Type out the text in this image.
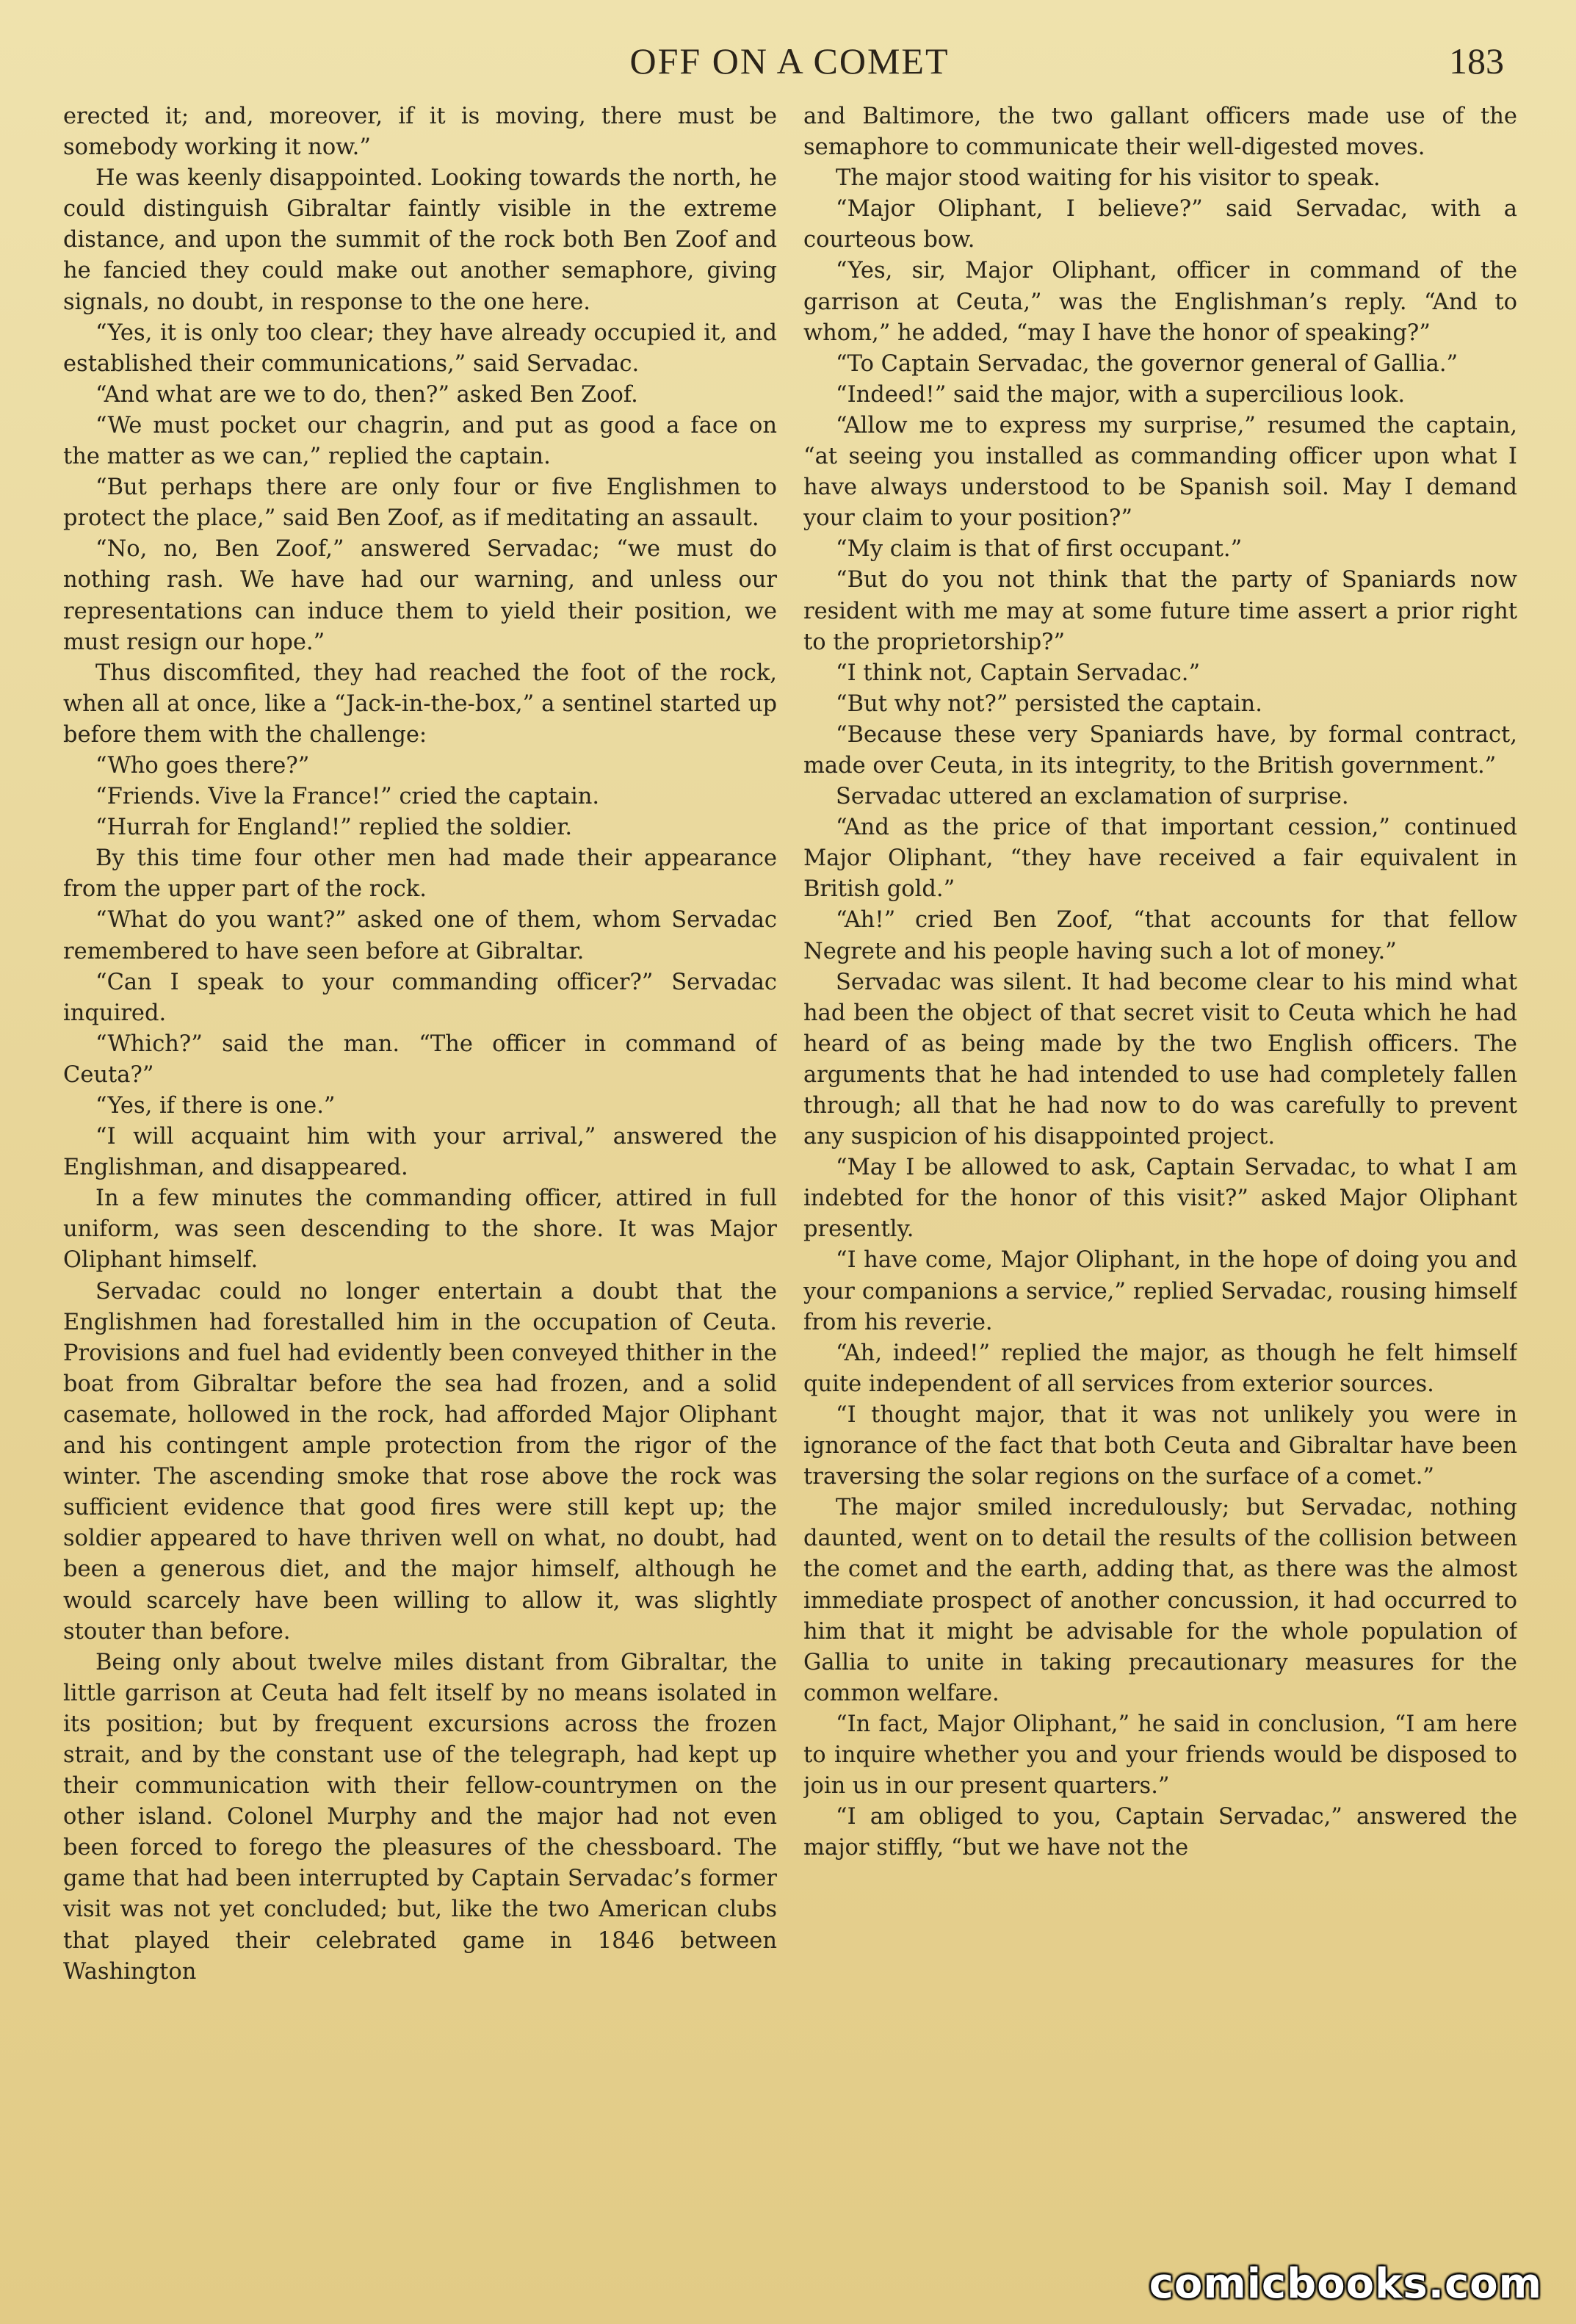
OFF ON A COMET	183

erected it; and, moreover, if it is moving, there must be somebody working it now.”

He was keenly disappointed. Looking towards the north, he could distinguish Gibraltar faintly visible in the extreme distance, and upon the summit of the rock both Ben Zoof and he fancied they could make out another semaphore, giving signals, no doubt, in response to the one here.

“Yes, it is only too clear; they have already occupied it, and established their communications,” said Servadac.

“And what are we to do, then?” asked Ben Zoof.

“We must pocket our chagrin, and put as good a face on the matter as we can,” replied the captain.

“But perhaps there are only four or five Englishmen to protect the place,” said Ben Zoof, as if meditating an assault.

“No, no, Ben Zoof,” answered Servadac; “we must do nothing rash. We have had our warning, and unless our representations can induce them to yield their position, we must resign our hope.”

Thus discomfited, they had reached the foot of the rock, when all at once, like a “Jack-in-the-box,” a sentinel started up before them with the challenge:

“Who goes there?”

“Friends. Vive la France!” cried the captain.

“Hurrah for England!” replied the soldier.

By this time four other men had made their appearance from the upper part of the rock.

“What do you want?” asked one of them, whom Servadac remembered to have seen before at Gibraltar.

“Can I speak to your commanding officer?” Servadac inquired.

“Which?” said the man. “The officer in command of Ceuta?”

“Yes, if there is one.”

“I will acquaint him with your arrival,” answered the Englishman, and disappeared.

In a few minutes the commanding officer, attired in full uniform, was seen descending to the shore. It was Major Oliphant himself.

Servadac could no longer entertain a doubt that the Englishmen had forestalled him in the occupation of Ceuta. Provisions and fuel had evidently been conveyed thither in the boat from Gibraltar before the sea had frozen, and a solid casemate, hollowed in the rock, had afforded Major Oliphant and his contingent ample protection from the rigor of the winter. The ascending smoke that rose above the rock was sufficient evidence that good fires were still kept up; the soldier appeared to have thriven well on what, no doubt, had been a generous diet, and the major himself, although he would scarcely have been willing to allow it, was slightly stouter than before.

Being only about twelve miles distant from Gibraltar, the little garrison at Ceuta had felt itself by no means isolated in its position; but by frequent excursions across the frozen strait, and by the constant use of the telegraph, had kept up their communication with their fellow-countrymen on the other island. Colonel Murphy and the major had not even been forced to forego the pleasures of the chessboard. The game that had been interrupted by Captain Servadac’s former visit was not yet concluded; but, like the two American clubs that played their celebrated game in 1846 between Washington

and Baltimore, the two gallant officers made use of the semaphore to communicate their well-digested moves.

The major stood waiting for his visitor to speak.

“Major Oliphant, I believe?” said Servadac, with a courteous bow.

“Yes, sir, Major Oliphant, officer in command of the garrison at Ceuta,” was the Englishman’s reply. “And to whom,” he added, “may I have the honor of speaking?”

“To Captain Servadac, the governor general of Gallia.”

“Indeed!” said the major, with a supercilious look.

“Allow me to express my surprise,” resumed the captain, “at seeing you installed as commanding officer upon what I have always understood to be Spanish soil. May I demand your claim to your position?”

“My claim is that of first occupant.”

“But do you not think that the party of Spaniards now resident with me may at some future time assert a prior right to the proprietorship?”

“I think not, Captain Servadac.”

“But why not?” persisted the captain.

“Because these very Spaniards have, by formal contract, made over Ceuta, in its integrity, to the British government.”

Servadac uttered an exclamation of surprise.

“And as the price of that important cession,” continued Major Oliphant, “they have received a fair equivalent in British gold.”

“Ah!” cried Ben Zoof, “that accounts for that fellow Negrete and his people having such a lot of money.”

Servadac was silent. It had become clear to his mind what had been the object of that secret visit to Ceuta which he had heard of as being made by the two English officers. The arguments that he had intended to use had completely fallen through; all that he had now to do was carefully to prevent any suspicion of his disappointed project.

“May I be allowed to ask, Captain Servadac, to what I am indebted for the honor of this visit?” asked Major Oliphant presently.

“I have come, Major Oliphant, in the hope of doing you and your companions a service,” replied Servadac, rousing himself from his reverie.

“Ah, indeed!” replied the major, as though he felt himself quite independent of all services from exterior sources.

“I thought major, that it was not unlikely you were in ignorance of the fact that both Ceuta and Gibraltar have been traversing the solar regions on the surface of a comet.”

The major smiled incredulously; but Servadac, nothing daunted, went on to detail the results of the collision between the comet and the earth, adding that, as there was the almost immediate prospect of another concussion, it had occurred to him that it might be advisable for the whole population of Gallia to unite in taking precautionary measures for the common welfare.

“In fact, Major Oliphant,” he said in conclusion, “I am here to inquire whether you and your friends would be disposed to join us in our present quarters.”

“I am obliged to you, Captain Servadac,” answered the major stiffly, “but we have not the

comicbooks.com
